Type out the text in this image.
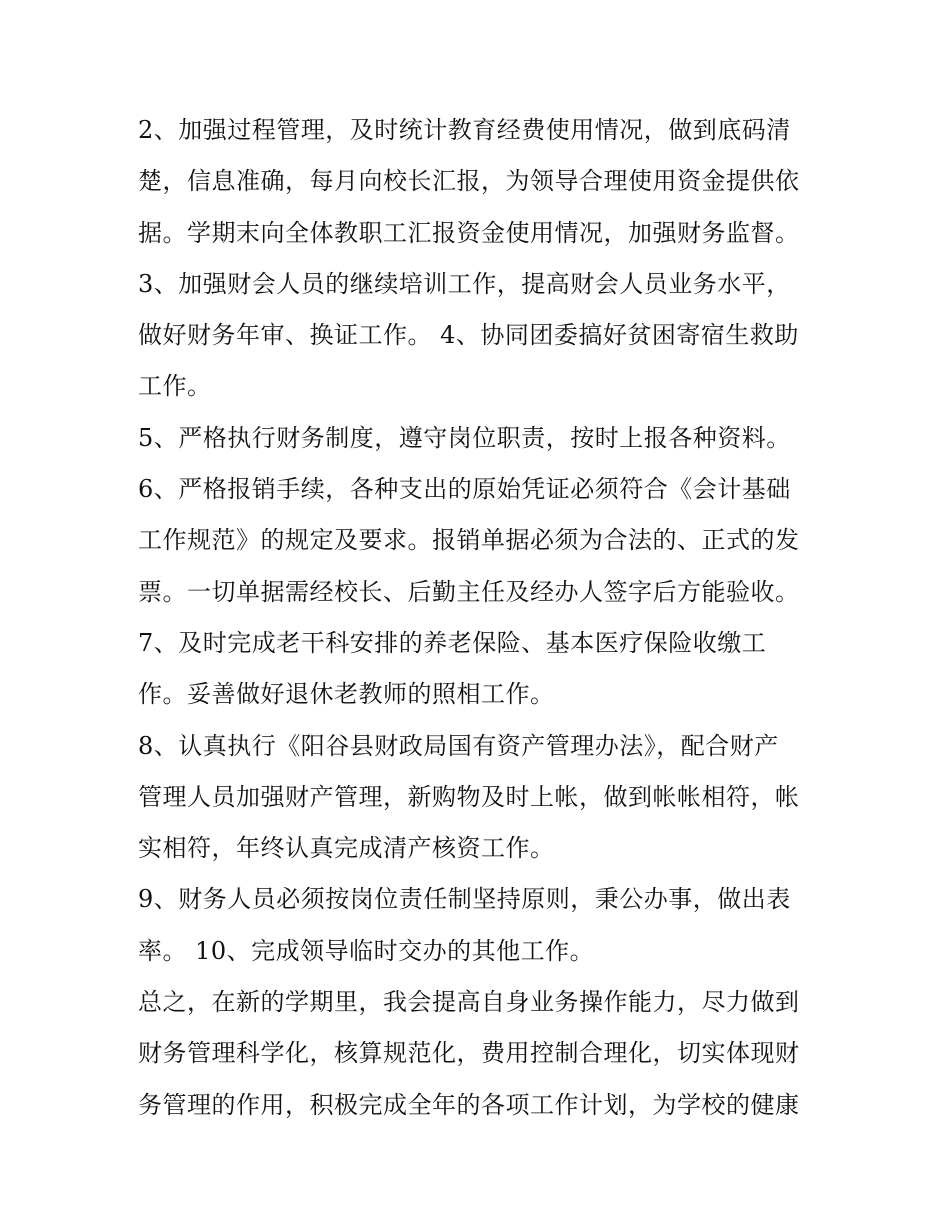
2、加强过程管理，及时统计教育经费使用情况，做到底码清
楚，信息准确，每月向校长汇报，为领导合理使用资金提供依
据。学期末向全体教职工汇报资金使用情况，加强财务监督。
3、加强财会人员的继续培训工作，提高财会人员业务水平，
做好财务年审、换证工作。 4、协同团委搞好贫困寄宿生救助
工作。
5、严格执行财务制度，遵守岗位职责，按时上报各种资料。
6、严格报销手续，各种支出的原始凭证必须符合《会计基础
工作规范》的规定及要求。报销单据必须为合法的、正式的发
票。一切单据需经校长、后勤主任及经办人签字后方能验收。
7、及时完成老干科安排的养老保险、基本医疗保险收缴工
作。妥善做好退休老教师的照相工作。
8、认真执行《阳谷县财政局国有资产管理办法》，配合财产
管理人员加强财产管理，新购物及时上帐，做到帐帐相符，帐
实相符，年终认真完成清产核资工作。
9、财务人员必须按岗位责任制坚持原则，秉公办事，做出表
率。 10、完成领导临时交办的其他工作。
总之，在新的学期里，我会提高自身业务操作能力，尽力做到
财务管理科学化，核算规范化，费用控制合理化，切实体现财
务管理的作用，积极完成全年的各项工作计划，为学校的健康
